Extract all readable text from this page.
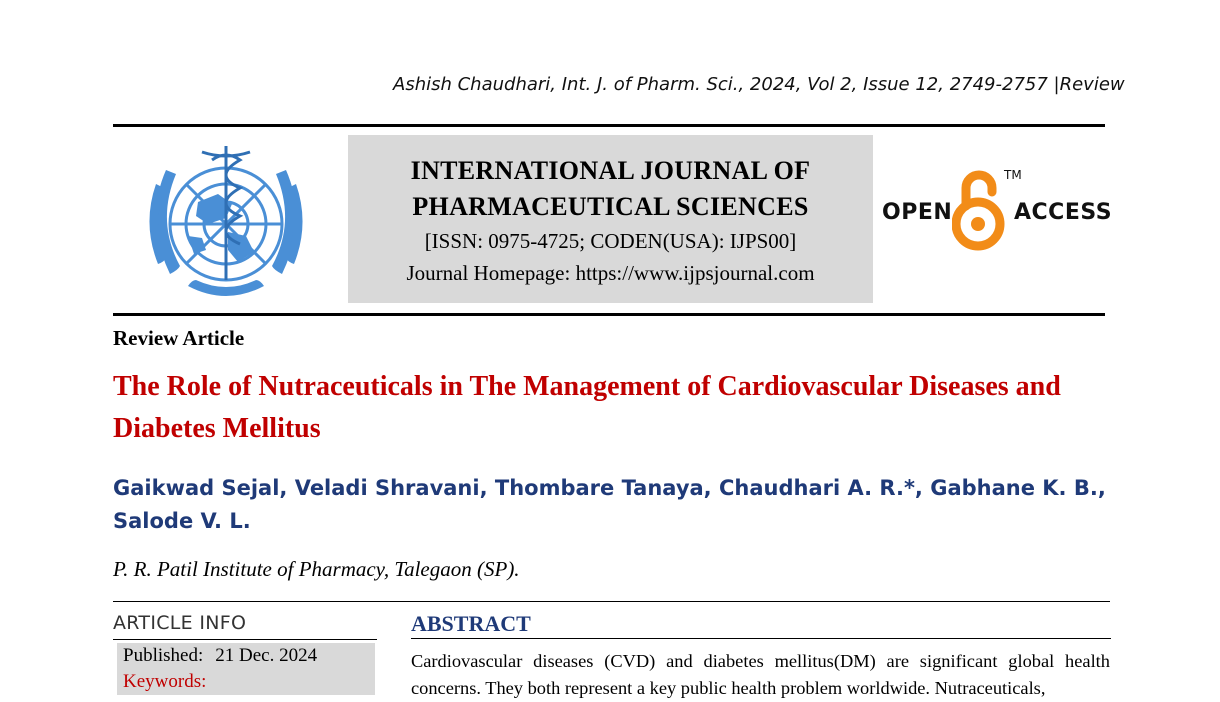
Ashish Chaudhari, Int. J. of Pharm. Sci., 2024, Vol 2, Issue 12, 2749-2757 |Review
INTERNATIONAL JOURNAL OF
PHARMACEUTICAL SCIENCES
[ISSN: 0975-4725; CODEN(USA): IJPS00]
Journal Homepage: https://www.ijpsjournal.com
OPEN
TM
ACCESS
Review Article
The Role of Nutraceuticals in The Management of Cardiovascular Diseases and Diabetes Mellitus
Gaikwad Sejal, Veladi Shravani, Thombare Tanaya, Chaudhari A. R.*, Gabhane K. B., Salode V. L.
P. R. Patil Institute of Pharmacy, Talegaon (SP).
ARTICLE INFO
Published: 21 Dec. 2024
Keywords:
ABSTRACT
Cardiovascular diseases (CVD) and diabetes mellitus(DM) are significant global health concerns. They both represent a key public health problem worldwide. Nutraceuticals,
